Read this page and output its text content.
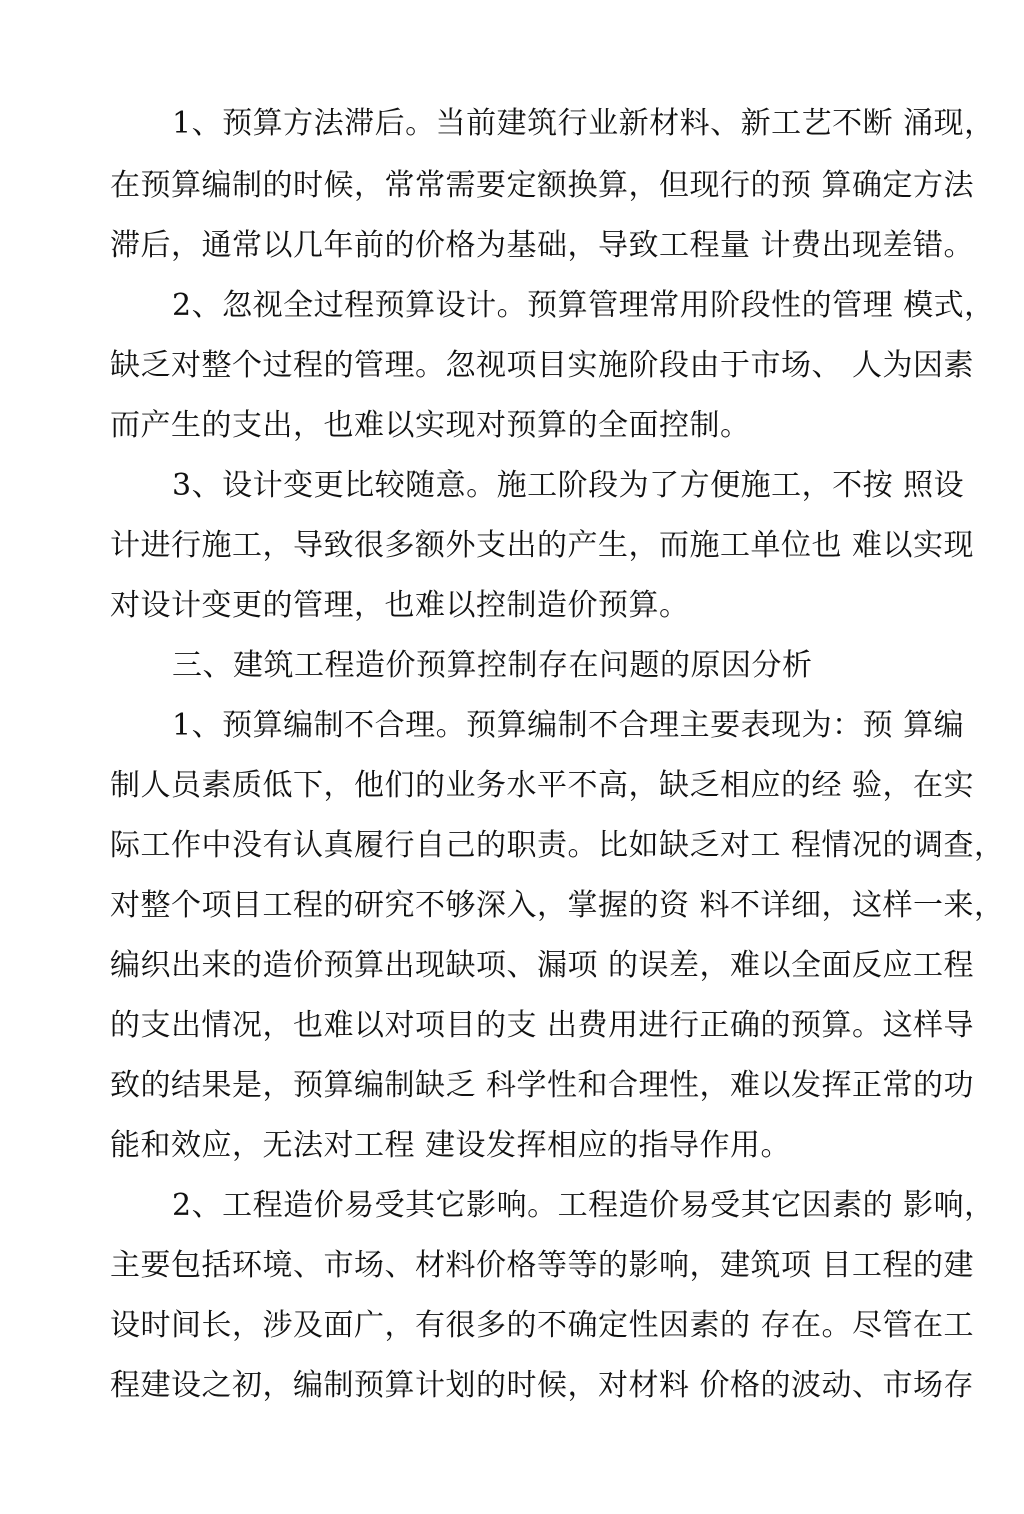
1、预算方法滞后。当前建筑行业新材料、新工艺不断 涌现，
在预算编制的时候，常常需要定额换算，但现行的预 算确定方法
滞后，通常以几年前的价格为基础，导致工程量 计费出现差错。
2、忽视全过程预算设计。预算管理常用阶段性的管理 模式，
缺乏对整个过程的管理。忽视项目实施阶段由于市场、 人为因素
而产生的支出，也难以实现对预算的全面控制。
3、设计变更比较随意。施工阶段为了方便施工，不按 照设
计进行施工，导致很多额外支出的产生，而施工单位也 难以实现
对设计变更的管理，也难以控制造价预算。
三、建筑工程造价预算控制存在问题的原因分析
1、预算编制不合理。预算编制不合理主要表现为：预 算编
制人员素质低下，他们的业务水平不高，缺乏相应的经 验，在实
际工作中没有认真履行自己的职责。比如缺乏对工 程情况的调查，
对整个项目工程的研究不够深入，掌握的资 料不详细，这样一来，
编织出来的造价预算出现缺项、漏项 的误差，难以全面反应工程
的支出情况，也难以对项目的支 出费用进行正确的预算。这样导
致的结果是，预算编制缺乏 科学性和合理性，难以发挥正常的功
能和效应，无法对工程 建设发挥相应的指导作用。
2、工程造价易受其它影响。工程造价易受其它因素的 影响，
主要包括环境、市场、材料价格等等的影响，建筑项 目工程的建
设时间长，涉及面广，有很多的不确定性因素的 存在。尽管在工
程建设之初，编制预算计划的时候，对材料 价格的波动、市场存
